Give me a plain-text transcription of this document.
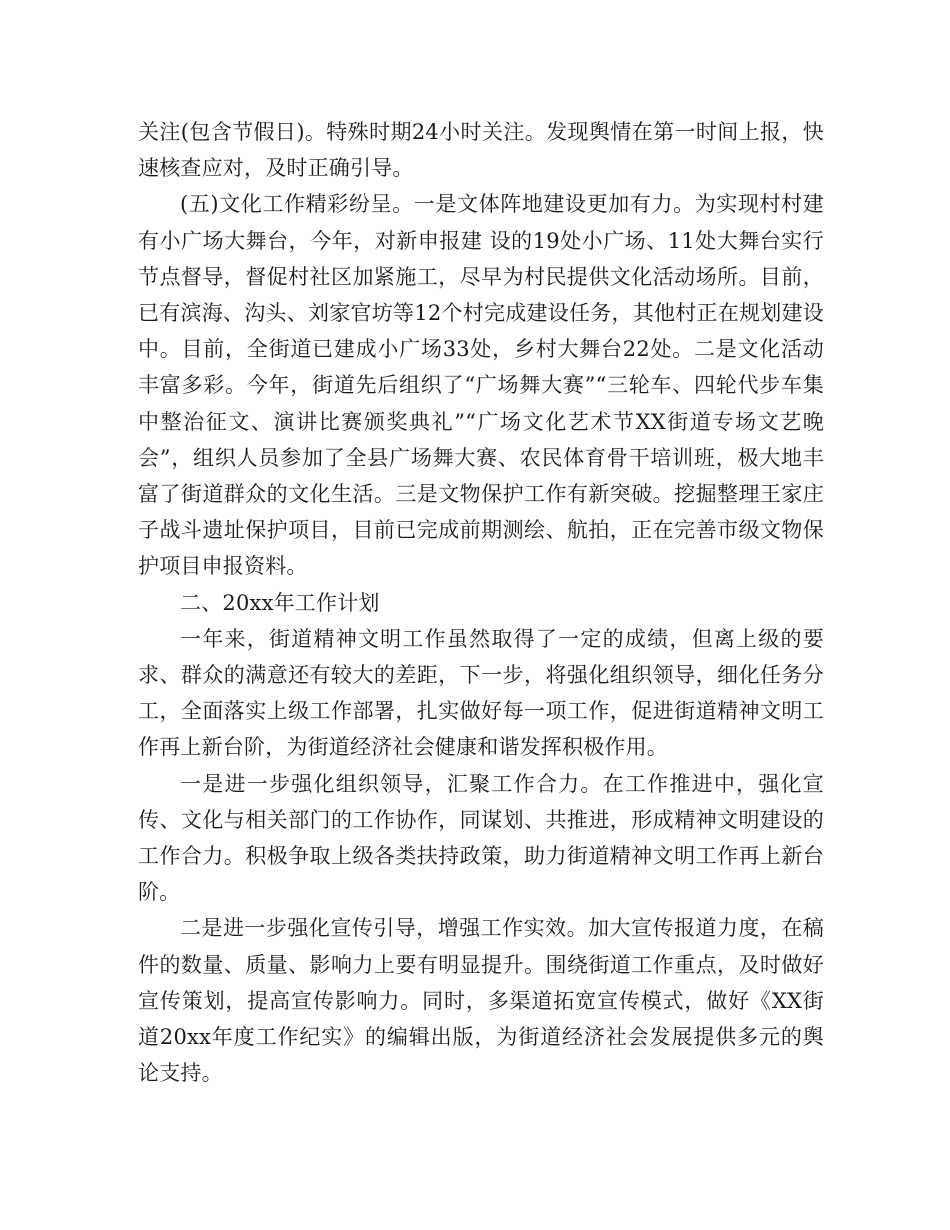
关注(包含节假日)。特殊时期24小时关注。发现舆情在第一时间上报，快速核查应对，及时正确引导。

(五)文化工作精彩纷呈。一是文体阵地建设更加有力。为实现村村建有小广场大舞台，今年，对新申报建 设的19处小广场、11处大舞台实行节点督导，督促村社区加紧施工，尽早为村民提供文化活动场所。目前，已有滨海、沟头、刘家官坊等12个村完成建设任务，其他村正在规划建设中。目前，全街道已建成小广场33处，乡村大舞台22处。二是文化活动丰富多彩。今年，街道先后组织了“广场舞大赛”“三轮车、四轮代步车集中整治征文、演讲比赛颁奖典礼”“广场文化艺术节XX街道专场文艺晚会”，组织人员参加了全县广场舞大赛、农民体育骨干培训班，极大地丰富了街道群众的文化生活。三是文物保护工作有新突破。挖掘整理王家庄子战斗遗址保护项目，目前已完成前期测绘、航拍，正在完善市级文物保护项目申报资料。

二、20xx年工作计划

一年来，街道精神文明工作虽然取得了一定的成绩，但离上级的要求、群众的满意还有较大的差距，下一步，将强化组织领导，细化任务分工，全面落实上级工作部署，扎实做好每一项工作，促进街道精神文明工作再上新台阶，为街道经济社会健康和谐发挥积极作用。

一是进一步强化组织领导，汇聚工作合力。在工作推进中，强化宣传、文化与相关部门的工作协作，同谋划、共推进，形成精神文明建设的工作合力。积极争取上级各类扶持政策，助力街道精神文明工作再上新台阶。

二是进一步强化宣传引导，增强工作实效。加大宣传报道力度，在稿件的数量、质量、影响力上要有明显提升。围绕街道工作重点，及时做好宣传策划，提高宣传影响力。同时，多渠道拓宽宣传模式，做好《XX街道20xx年度工作纪实》的编辑出版，为街道经济社会发展提供多元的舆论支持。
